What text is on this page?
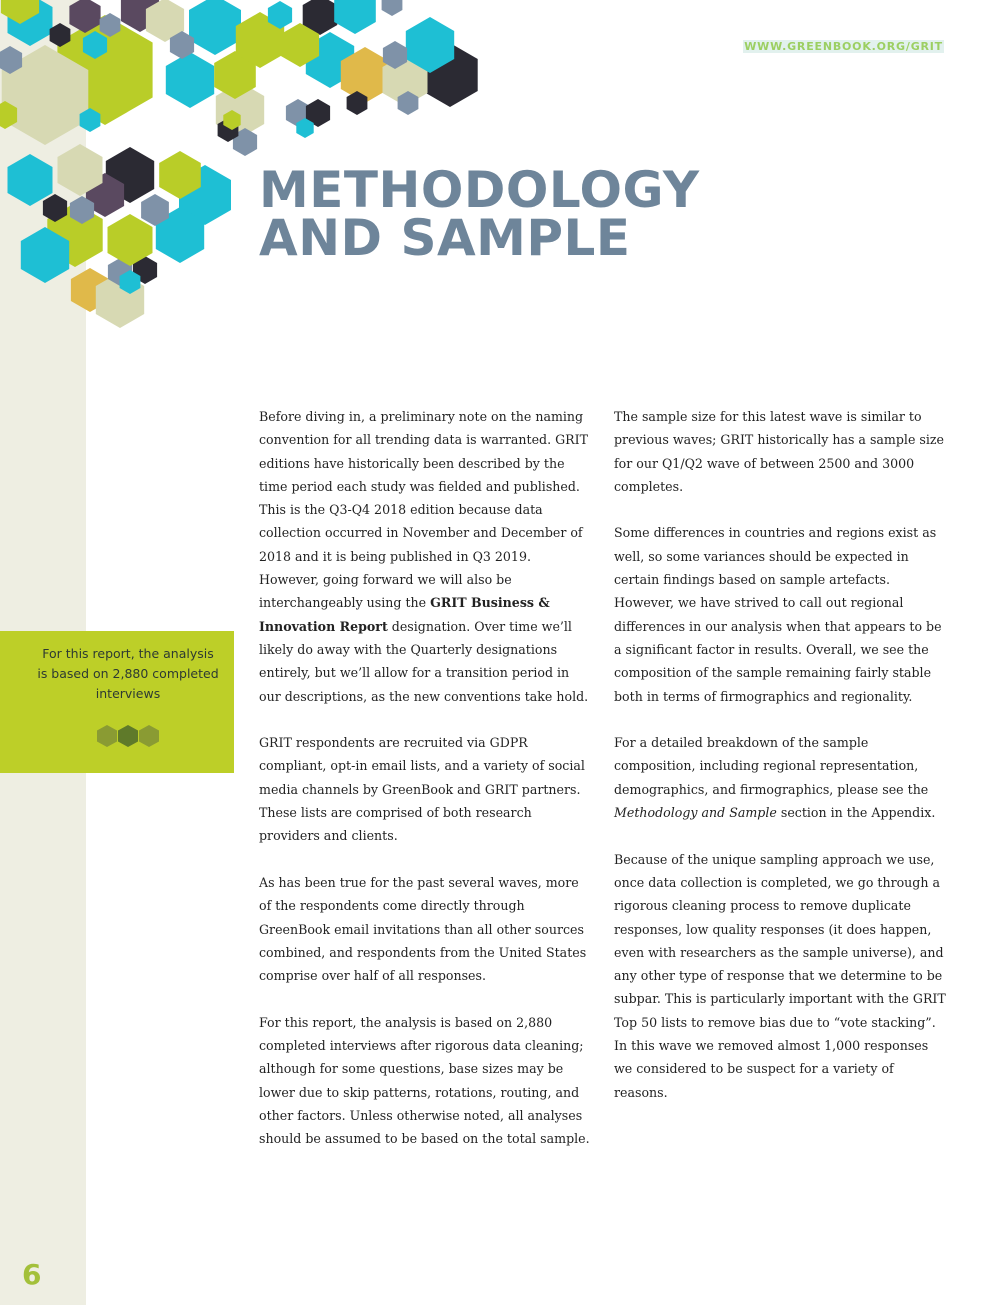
WWW.GREENBOOK.ORG/GRIT
METHODOLOGY
AND SAMPLE
For this report, the analysis is based on 2,880 completed interviews

Before diving in, a preliminary note on the naming convention for all trending data is warranted. GRIT editions have historically been described by the time period each study was fielded and published. This is the Q3-Q4 2018 edition because data collection occurred in November and December of 2018 and it is being published in Q3 2019. However, going forward we will also be interchangeably using the GRIT Business & Innovation Report designation. Over time we’ll likely do away with the Quarterly designations entirely, but we’ll allow for a transition period in our descriptions, as the new conventions take hold.

GRIT respondents are recruited via GDPR compliant, opt-in email lists, and a variety of social media channels by GreenBook and GRIT partners. These lists are comprised of both research providers and clients.

As has been true for the past several waves, more of the respondents come directly through GreenBook email invitations than all other sources combined, and respondents from the United States comprise over half of all responses.

For this report, the analysis is based on 2,880 completed interviews after rigorous data cleaning; although for some questions, base sizes may be lower due to skip patterns, rotations, routing, and other factors. Unless otherwise noted, all analyses should be assumed to be based on the total sample.

The sample size for this latest wave is similar to previous waves; GRIT historically has a sample size for our Q1/Q2 wave of between 2500 and 3000 completes.

Some differences in countries and regions exist as well, so some variances should be expected in certain findings based on sample artefacts. However, we have strived to call out regional differences in our analysis when that appears to be a significant factor in results. Overall, we see the composition of the sample remaining fairly stable both in terms of firmographics and regionality.

For a detailed breakdown of the sample composition, including regional representation, demographics, and firmographics, please see the Methodology and Sample section in the Appendix.

Because of the unique sampling approach we use, once data collection is completed, we go through a rigorous cleaning process to remove duplicate responses, low quality responses (it does happen, even with researchers as the sample universe), and any other type of response that we determine to be subpar. This is particularly important with the GRIT Top 50 lists to remove bias due to “vote stacking”. In this wave we removed almost 1,000 responses we considered to be suspect for a variety of reasons.

6
